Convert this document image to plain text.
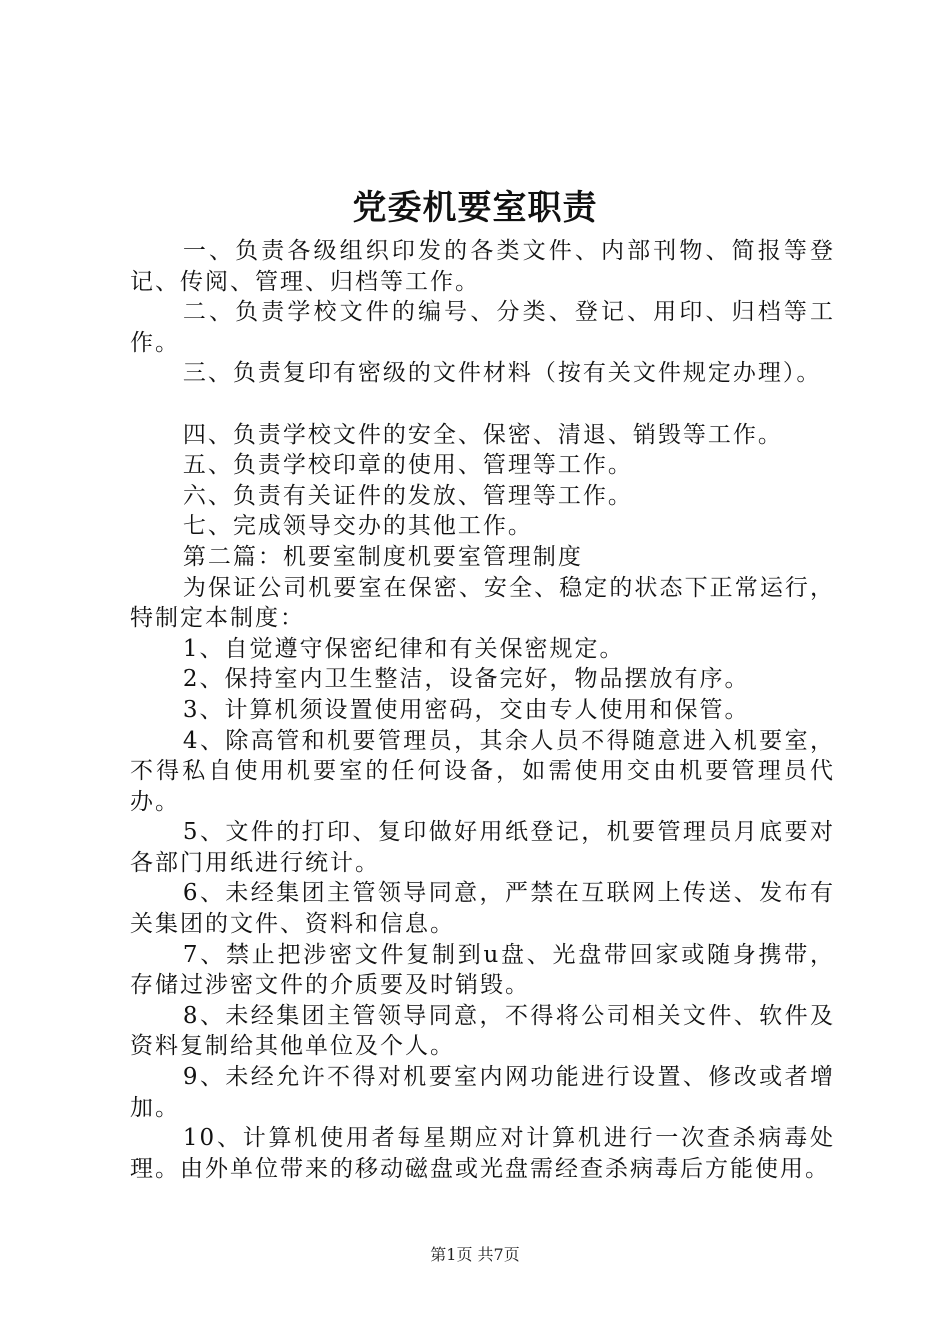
党委机要室职责

一、负责各级组织印发的各类文件、内部刊物、简报等登记、传阅、管理、归档等工作。

二、负责学校文件的编号、分类、登记、用印、归档等工作。

三、负责复印有密级的文件材料（按有关文件规定办理）。

四、负责学校文件的安全、保密、清退、销毁等工作。

五、负责学校印章的使用、管理等工作。

六、负责有关证件的发放、管理等工作。

七、完成领导交办的其他工作。

第二篇：机要室制度机要室管理制度

为保证公司机要室在保密、安全、稳定的状态下正常运行，特制定本制度：

1、自觉遵守保密纪律和有关保密规定。

2、保持室内卫生整洁，设备完好，物品摆放有序。

3、计算机须设置使用密码，交由专人使用和保管。

4、除高管和机要管理员，其余人员不得随意进入机要室，不得私自使用机要室的任何设备，如需使用交由机要管理员代办。

5、文件的打印、复印做好用纸登记，机要管理员月底要对各部门用纸进行统计。

6、未经集团主管领导同意，严禁在互联网上传送、发布有关集团的文件、资料和信息。

7、禁止把涉密文件复制到u盘、光盘带回家或随身携带，存储过涉密文件的介质要及时销毁。

8、未经集团主管领导同意，不得将公司相关文件、软件及资料复制给其他单位及个人。

9、未经允许不得对机要室内网功能进行设置、修改或者增加。

10、计算机使用者每星期应对计算机进行一次查杀病毒处理。由外单位带来的移动磁盘或光盘需经查杀病毒后方能使用。

第1页 共7页
